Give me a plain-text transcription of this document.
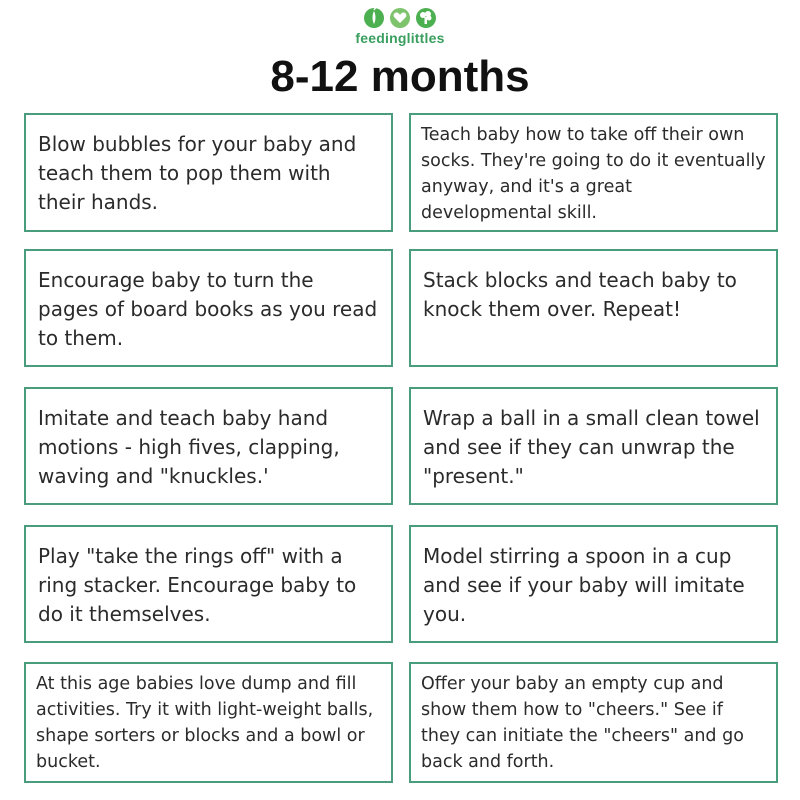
feedinglittles
8-12 months
Blow bubbles for your baby and teach them to pop them with their hands.
Teach baby how to take off their own socks. They're going to do it eventually anyway, and it's a great developmental skill.
Encourage baby to turn the pages of board books as you read to them.
Stack blocks and teach baby to knock them over. Repeat!
Imitate and teach baby hand motions - high fives, clapping, waving and "knuckles.'
Wrap a ball in a small clean towel and see if they can unwrap the "present."
Play "take the rings off" with a ring stacker. Encourage baby to do it themselves.
Model stirring a spoon in a cup and see if your baby will imitate you.
At this age babies love dump and fill activities. Try it with light-weight balls, shape sorters or blocks and a bowl or bucket.
Offer your baby an empty cup and show them how to "cheers." See if they can initiate the "cheers" and go back and forth.
